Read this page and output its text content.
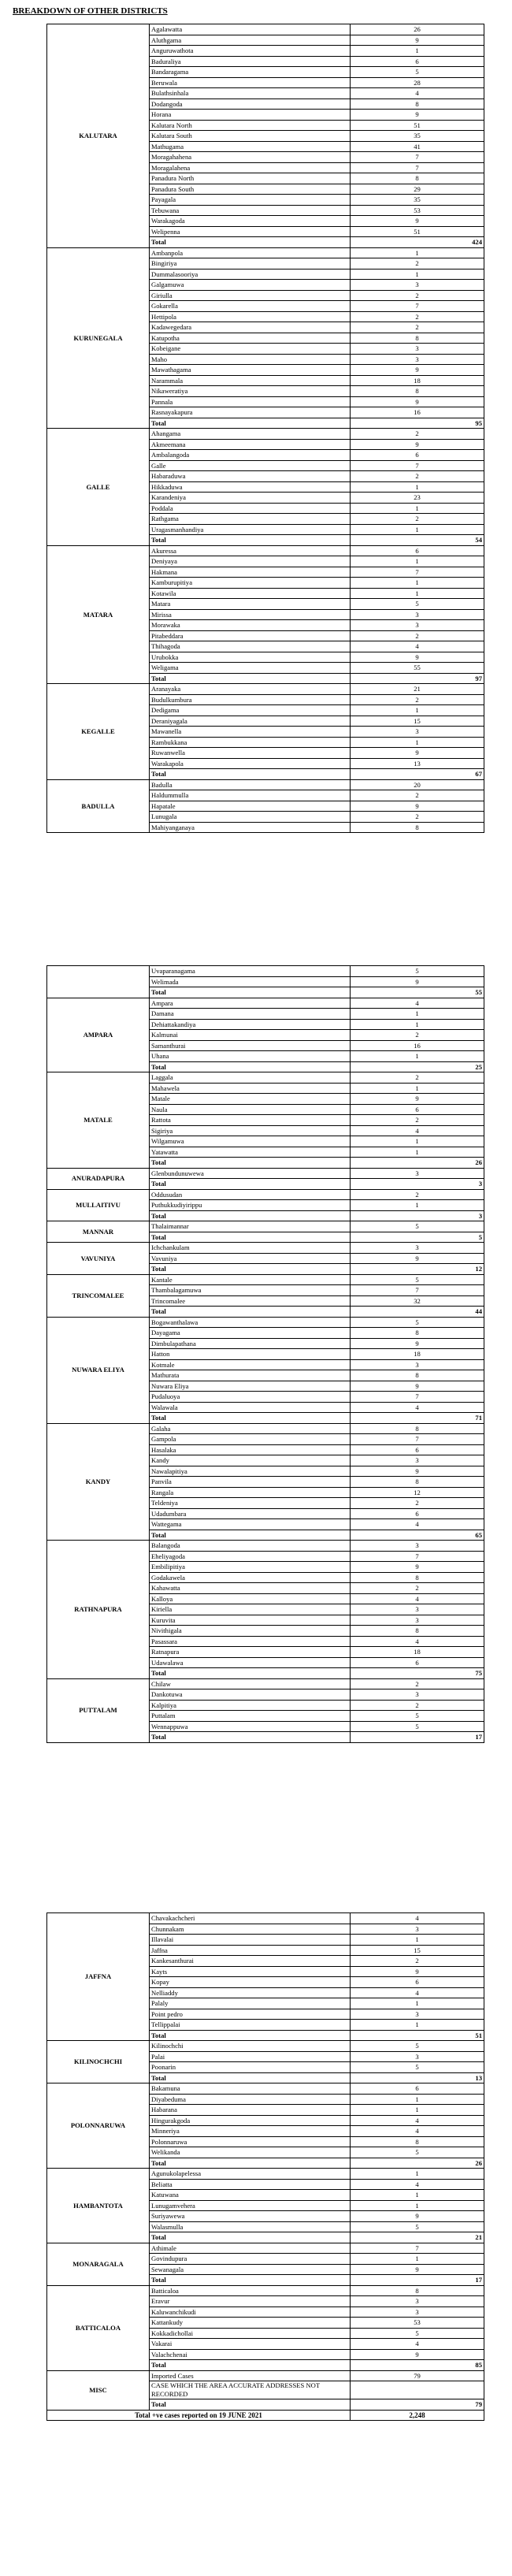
BREAKDOWN OF OTHER DISTRICTS
KALUTARA	Agalawatta	26
	Aluthgama	9
	Anguruwathota	1
	Baduraliya	6
	Bandaragama	5
	Beruwala	28
	Bulathsinhala	4
	Dodangoda	8
	Horana	9
	Kalutara North	51
	Kalutara South	35
	Mathugama	41
	Moragahahena	7
	Moragalahena	7
	Panadura North	8
	Panadura South	29
	Payagala	35
	Tebuwana	53
	Warakagoda	9
	Welipenna	51
	Total	424
KURUNEGALA	Ambanpola	1
	Bingiriya	2
	Dummalasooriya	1
	Galgamuwa	3
	Giriulla	2
	Gokarella	7
	Hettipola	2
	Kadawegedara	2
	Katupotha	8
	Kobeigane	3
	Maho	3
	Mawathagama	9
	Narammala	18
	Nikaweratiya	8
	Pannala	9
	Rasnayakapura	16
	Total	95
GALLE	Ahangama	2
	Akmeemana	9
	Ambalangoda	6
	Galle	7
	Habaraduwa	2
	Hikkaduwa	1
	Karandeniya	23
	Poddala	1
	Rathgama	2
	Uragasmanhandiya	1
	Total	54
MATARA	Akuressa	6
	Deniyaya	1
	Hakmana	7
	Kamburupitiya	1
	Kotawila	1
	Matara	5
	Mirissa	3
	Morawaka	3
	Pitabeddara	2
	Thihagoda	4
	Urubokka	9
	Weligama	55
	Total	97
KEGALLE	Aranayaka	21
	Budulkumbura	2
	Dedigama	1
	Deraniyagala	15
	Mawanella	3
	Rambukkana	1
	Ruwanwella	9
	Warakapola	13
	Total	67
BADULLA	Badulla	20
	Haldummulla	2
	Hapatale	9
	Lunugala	2
	Mahiyanganaya	8
	Uvaparanagama	5
	Welimada	9
	Total	55
AMPARA	Ampara	4
	Damana	1
	Dehiattakandiya	1
	Kalmunai	2
	Samanthurai	16
	Uhana	1
	Total	25
MATALE	Laggala	2
	Mahawela	1
	Matale	9
	Naula	6
	Rattota	2
	Sigiriya	4
	Wilgamuwa	1
	Yatawatta	1
	Total	26
ANURADAPURA	Glenbundunuwewa	3
	Total	3
MULLAITIVU	Oddusudan	2
	Puthukkudiyirippu	1
	Total	3
MANNAR	Thalaimannar	5
	Total	5
VAVUNIYA	Ichchankulam	3
	Vavuniya	9
	Total	12
TRINCOMALEE	Kantale	5
	Thambalagamuwa	7
	Trincomalee	32
	Total	44
NUWARA ELIYA	Bogawanthalawa	5
	Dayagama	8
	Dimbulapathana	9
	Hatton	18
	Kotmale	3
	Mathurata	8
	Nuwara Eliya	9
	Pudaluoya	7
	Walawala	4
	Total	71
KANDY	Galaha	8
	Gampola	7
	Hasalaka	6
	Kandy	3
	Nawalapitiya	9
	Panvila	8
	Rangala	12
	Teldeniya	2
	Udadumbara	6
	Wattegama	4
	Total	65
RATHNAPURA	Balangoda	3
	Eheliyagoda	7
	Embilipitiya	9
	Godakawela	8
	Kahawatta	2
	Kalloya	4
	Kiriella	3
	Kuruvita	3
	Nivithigala	8
	Pasassara	4
	Ratnapura	18
	Udawalawa	6
	Total	75
PUTTALAM	Chilaw	2
	Dankotuwa	3
	Kalpitiya	2
	Puttalam	5
	Wennappuwa	5
	Total	17
JAFFNA	Chavakachcheri	4
	Chunnakam	3
	Illavalai	1
	Jaffna	15
	Kankesanthurai	2
	Kayts	9
	Kopay	6
	Nelliaddy	4
	Palaly	1
	Point pedro	3
	Tellippalai	1
	Total	51
KILINOCHCHI	Kilinochchi	5
	Palai	3
	Poonarin	5
	Total	13
POLONNARUWA	Bakamuna	6
	Diyabeduma	1
	Habarana	1
	Hingurakgoda	4
	Minneriya	4
	Polonnaruwa	8
	Welikanda	5
	Total	26
HAMBANTOTA	Agunukolapelessa	1
	Beliatta	4
	Katuwana	1
	Lunugamvehera	1
	Suriyawewa	9
	Walasmulla	5
	Total	21
MONARAGALA	Athimale	7
	Govindupura	1
	Sewanagala	9
	Total	17
BATTICALOA	Batticaloa	8
	Eravur	3
	Kaluwanchikudi	3
	Kattankudy	53
	Kokkadichollai	5
	Vakarai	4
	Valachchenai	9
	Total	85
MISC	Imported Cases	79
	CASE WHICH THE AREA ACCURATE ADDRESSES NOT RECORDED	
	Total	79
Total +ve cases reported on 19 JUNE 2021		2,248
